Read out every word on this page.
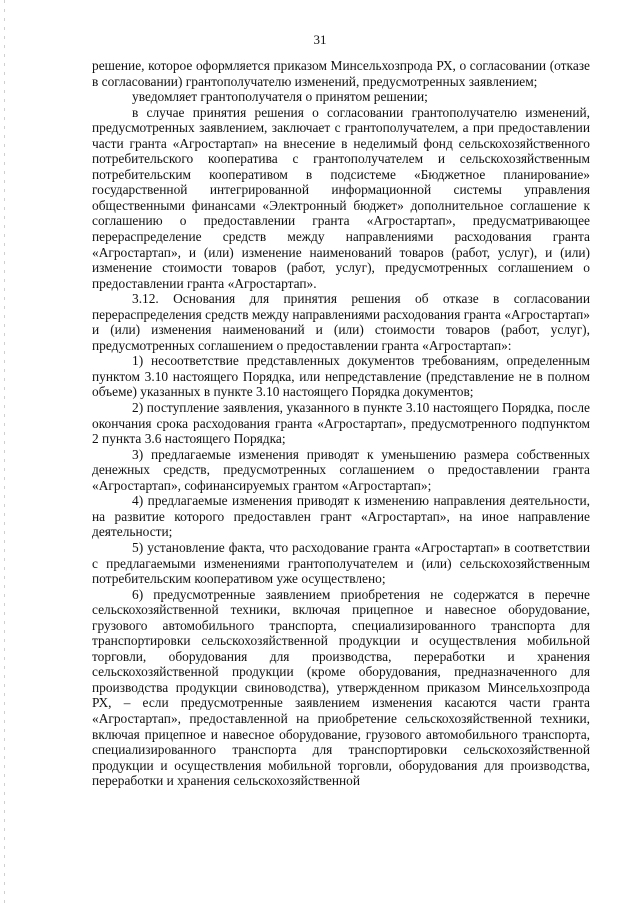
31

решение, которое оформляется приказом Минсельхозпрода РХ, о согласовании (отказе в согласовании) грантополучателю изменений, предусмотренных заявлением;

уведомляет грантополучателя о принятом решении;

в случае принятия решения о согласовании грантополучателю изменений, предусмотренных заявлением, заключает с грантополучателем, а при предоставлении части гранта «Агростартап» на внесение в неделимый фонд сельскохозяйственного потребительского кооператива с грантополучателем и сельскохозяйственным потребительским кооперативом в подсистеме «Бюджетное планирование» государственной интегрированной информационной системы управления общественными финансами «Электронный бюджет» дополнительное соглашение к соглашению о предоставлении гранта «Агростартап», предусматривающее перераспределение средств между направлениями расходования гранта «Агростартап», и (или) изменение наименований товаров (работ, услуг), и (или) изменение стоимости товаров (работ, услуг), предусмотренных соглашением о предоставлении гранта «Агростартап».

3.12. Основания для принятия решения об отказе в согласовании перераспределения средств между направлениями расходования гранта «Агростартап» и (или) изменения наименований и (или) стоимости товаров (работ, услуг), предусмотренных соглашением о предоставлении гранта «Агростартап»:

1) несоответствие представленных документов требованиям, определенным пунктом 3.10 настоящего Порядка, или непредставление (представление не в полном объеме) указанных в пункте 3.10 настоящего Порядка документов;

2) поступление заявления, указанного в пункте 3.10 настоящего Порядка, после окончания срока расходования гранта «Агростартап», предусмотренного подпунктом 2 пункта 3.6 настоящего Порядка;

3) предлагаемые изменения приводят к уменьшению размера собственных денежных средств, предусмотренных соглашением о предоставлении гранта «Агростартап», софинансируемых грантом «Агростартап»;

4) предлагаемые изменения приводят к изменению направления деятельности, на развитие которого предоставлен грант «Агростартап», на иное направление деятельности;

5) установление факта, что расходование гранта «Агростартап» в соответствии с предлагаемыми изменениями грантополучателем и (или) сельскохозяйственным потребительским кооперативом уже осуществлено;

6) предусмотренные заявлением приобретения не содержатся в перечне сельскохозяйственной техники, включая прицепное и навесное оборудование, грузового автомобильного транспорта, специализированного транспорта для транспортировки сельскохозяйственной продукции и осуществления мобильной торговли, оборудования для производства, переработки и хранения сельскохозяйственной продукции (кроме оборудования, предназначенного для производства продукции свиноводства), утвержденном приказом Минсельхозпрода РХ, – если предусмотренные заявлением изменения касаются части гранта «Агростартап», предоставленной на приобретение сельскохозяйственной техники, включая прицепное и навесное оборудование, грузового автомобильного транспорта, специализированного транспорта для транспортировки сельскохозяйственной продукции и осуществления мобильной торговли, оборудования для производства, переработки и хранения сельскохозяйственной
